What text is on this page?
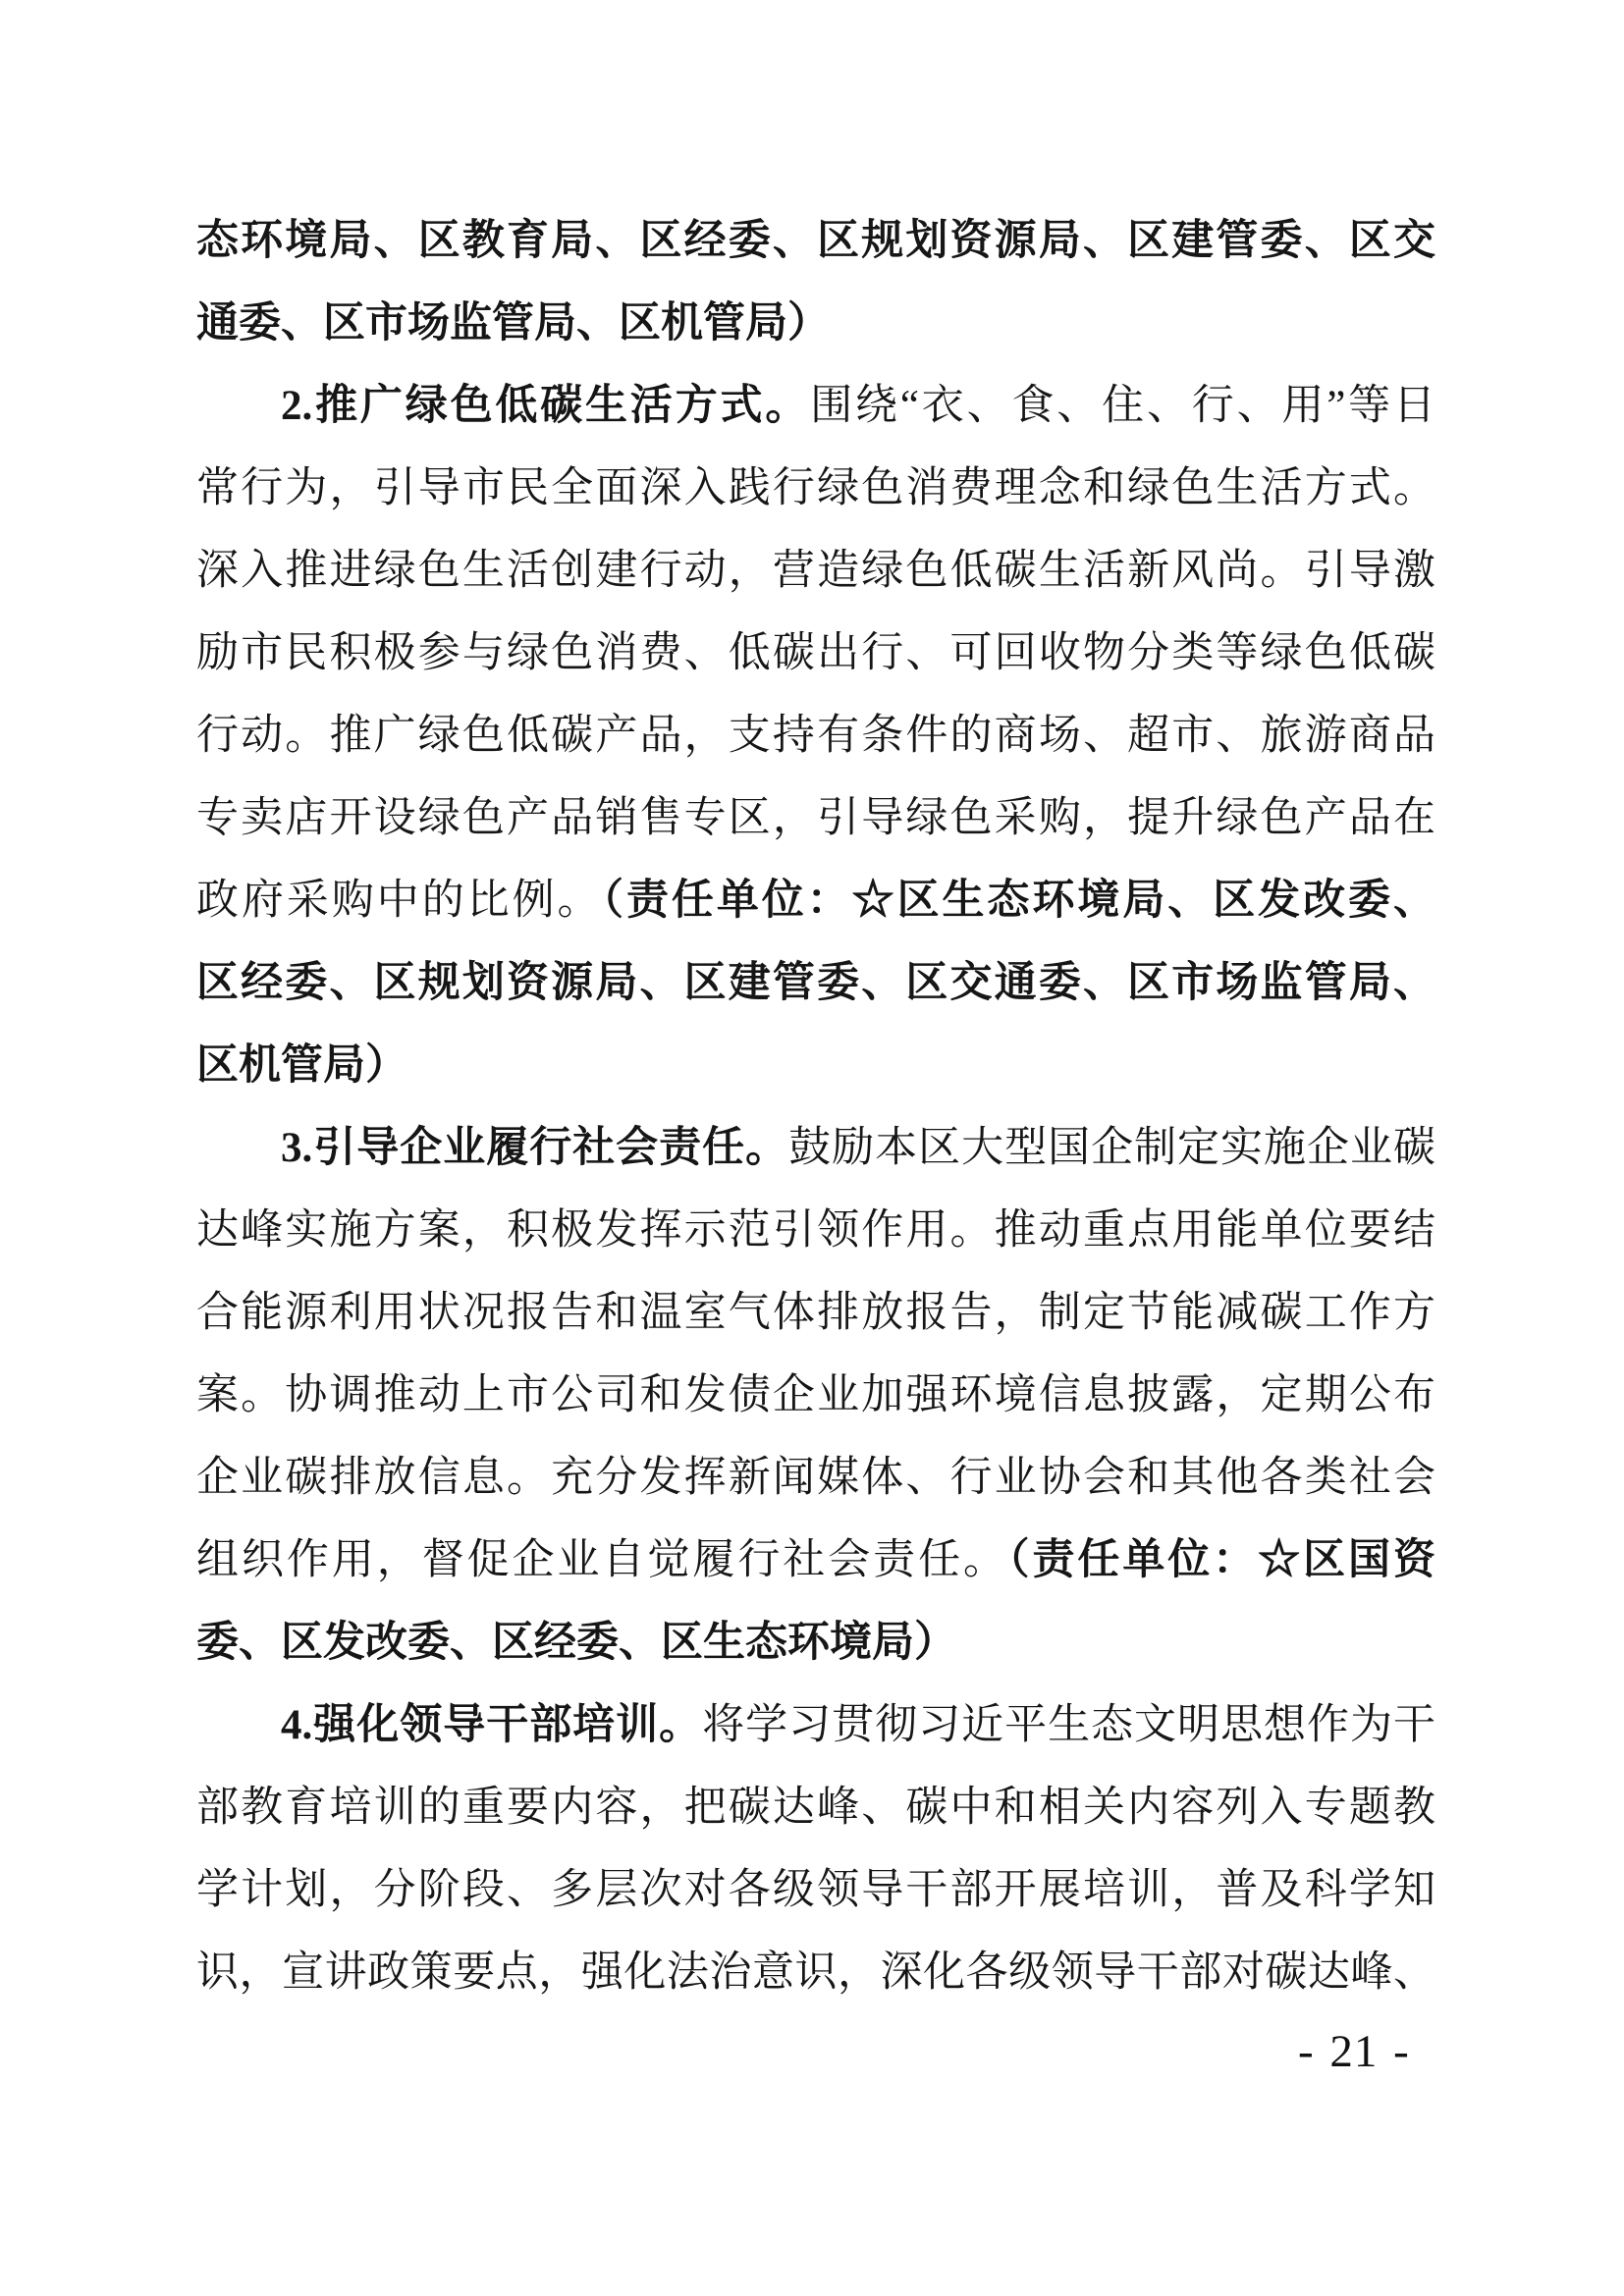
态环境局、区教育局、区经委、区规划资源局、区建管委、区交
通委、区市场监管局、区机管局）
2.推广绿色低碳生活方式。围绕“衣、食、住、行、用”等日
常行为，引导市民全面深入践行绿色消费理念和绿色生活方式。
深入推进绿色生活创建行动，营造绿色低碳生活新风尚。引导激
励市民积极参与绿色消费、低碳出行、可回收物分类等绿色低碳
行动。推广绿色低碳产品，支持有条件的商场、超市、旅游商品
专卖店开设绿色产品销售专区，引导绿色采购，提升绿色产品在
政府采购中的比例。（责任单位：☆区生态环境局、区发改委、
区经委、区规划资源局、区建管委、区交通委、区市场监管局、
区机管局）
3.引导企业履行社会责任。鼓励本区大型国企制定实施企业碳
达峰实施方案，积极发挥示范引领作用。推动重点用能单位要结
合能源利用状况报告和温室气体排放报告，制定节能减碳工作方
案。协调推动上市公司和发债企业加强环境信息披露，定期公布
企业碳排放信息。充分发挥新闻媒体、行业协会和其他各类社会
组织作用，督促企业自觉履行社会责任。（责任单位：☆区国资
委、区发改委、区经委、区生态环境局）
4.强化领导干部培训。将学习贯彻习近平生态文明思想作为干
部教育培训的重要内容，把碳达峰、碳中和相关内容列入专题教
学计划，分阶段、多层次对各级领导干部开展培训，普及科学知
识，宣讲政策要点，强化法治意识，深化各级领导干部对碳达峰、
- 21 -
